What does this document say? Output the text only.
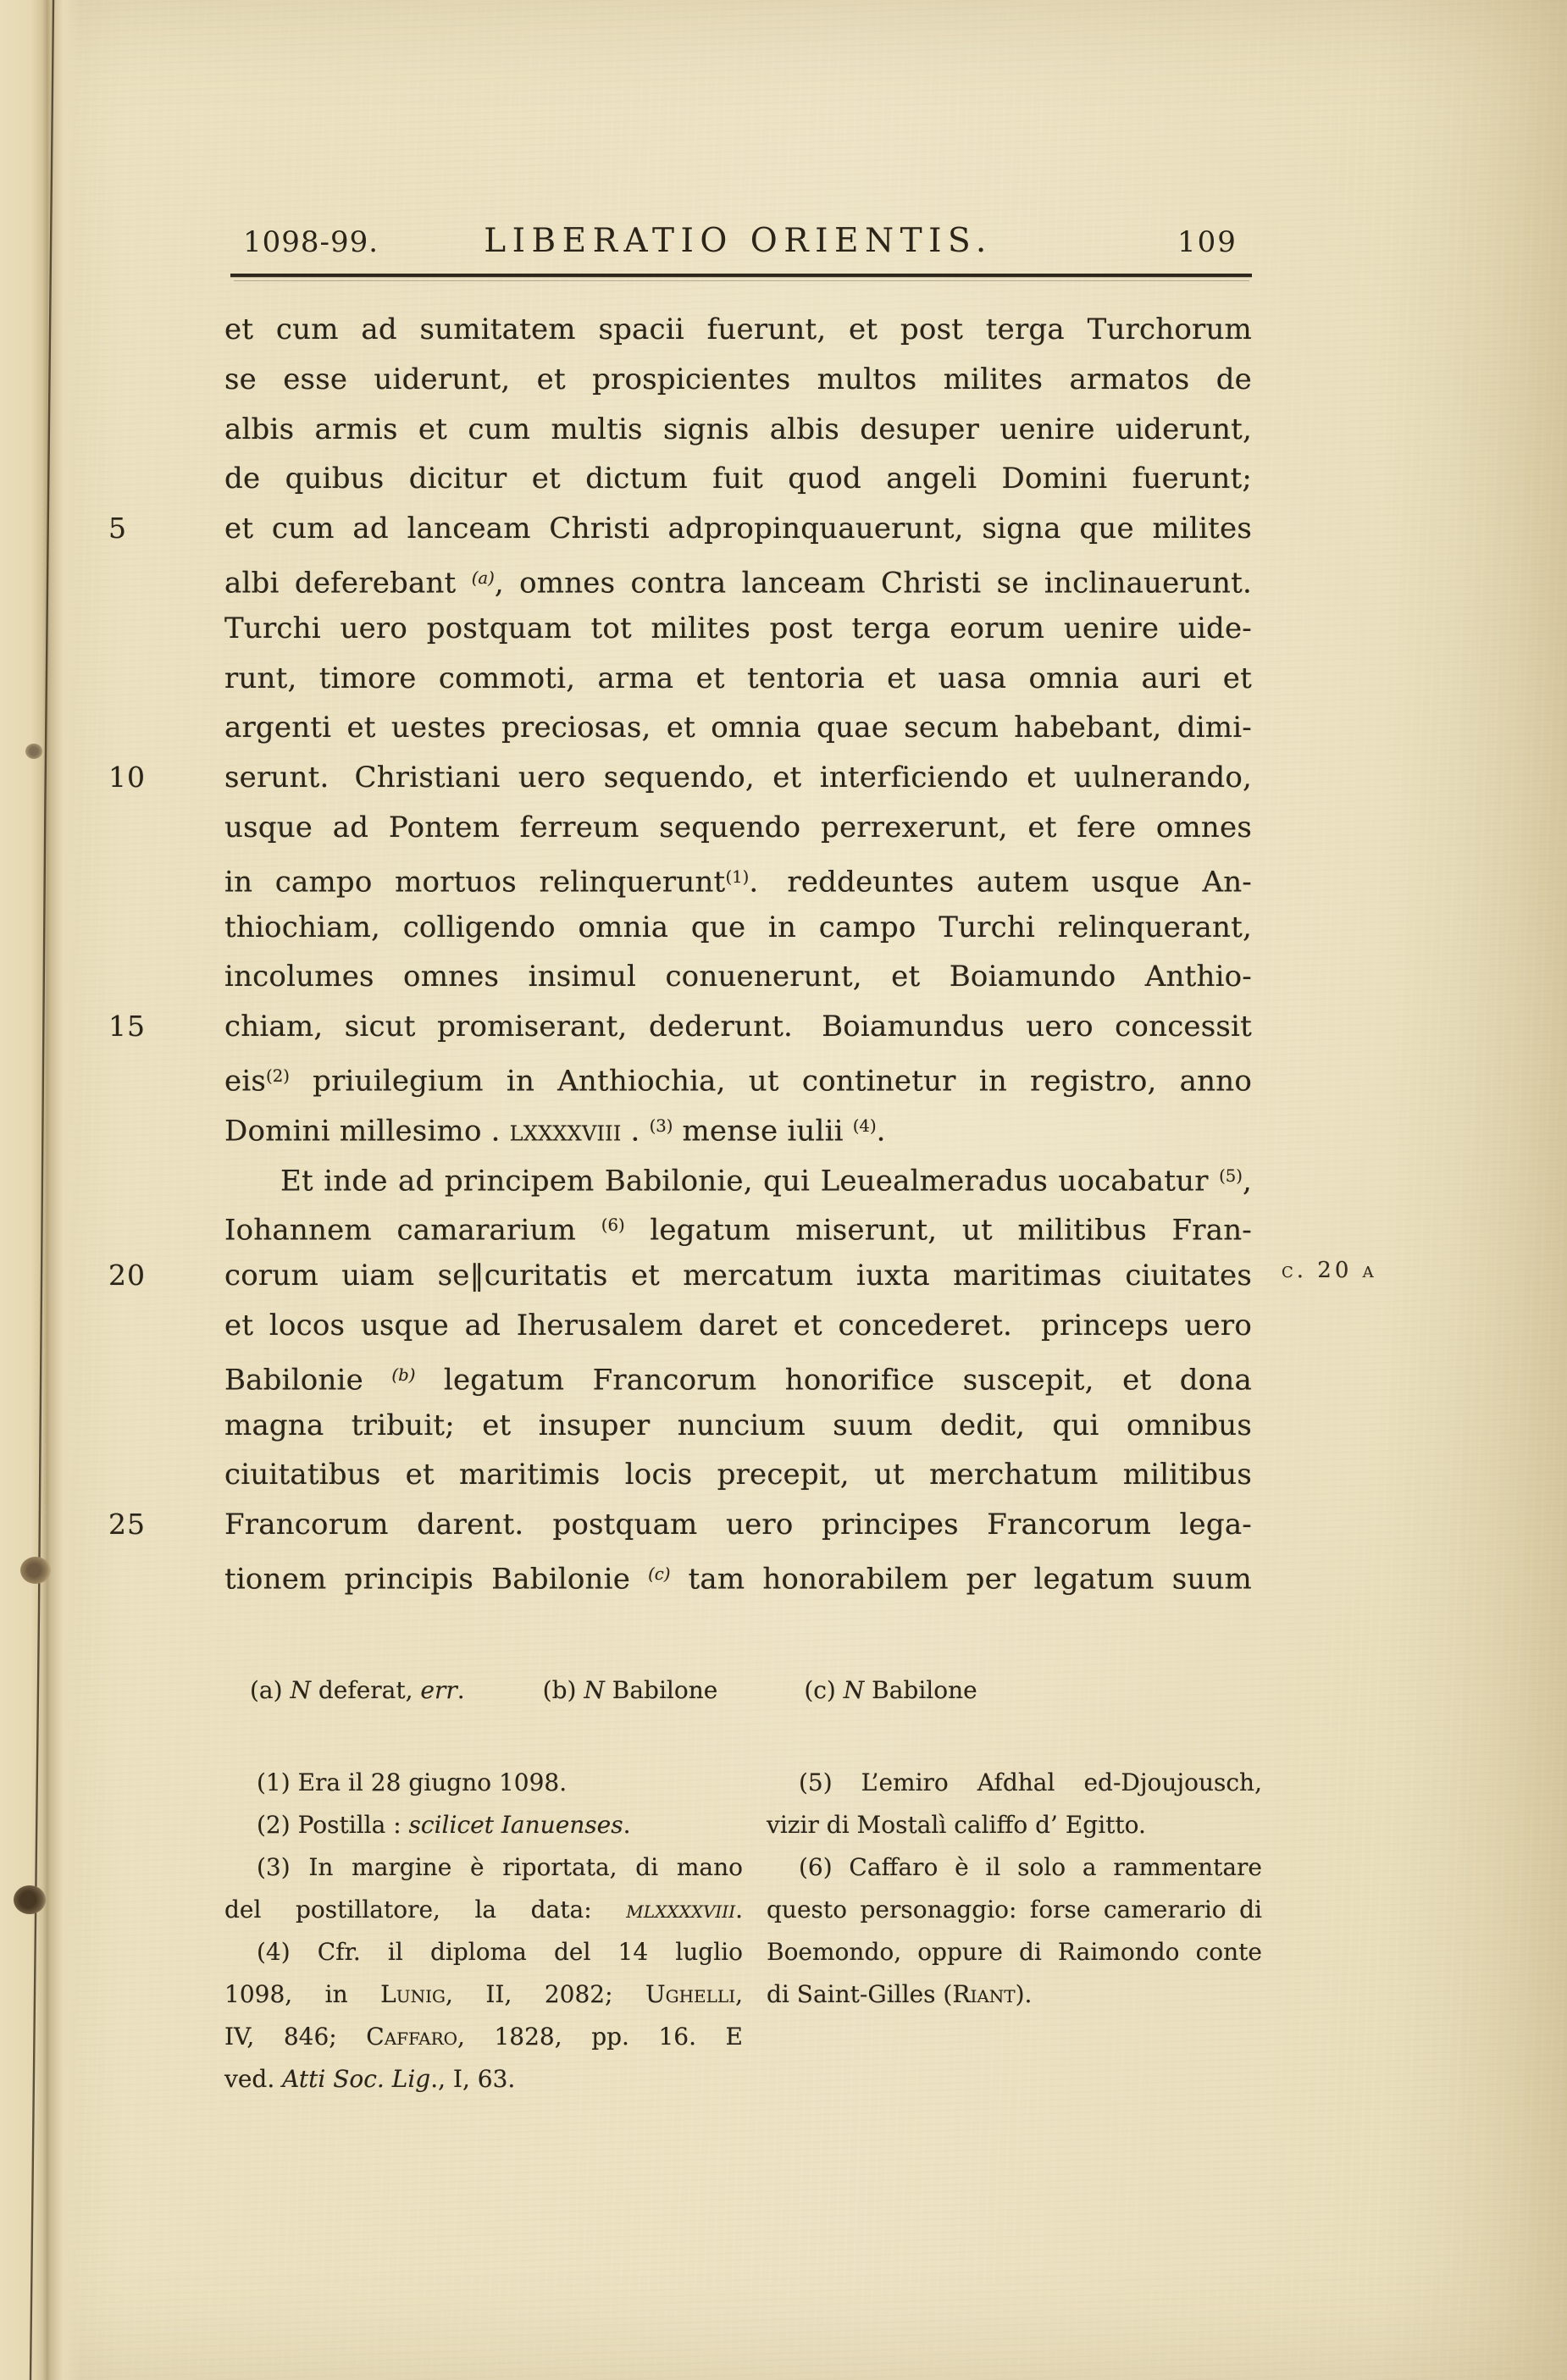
1098-99.	LIBERATIO ORIENTIS.	109
et cum ad sumitatem spacii fuerunt, et post terga Turchorum
se esse uiderunt, et prospicientes multos milites armatos de
albis armis et cum multis signis albis desuper uenire uiderunt,
de quibus dicitur et dictum fuit quod angeli Domini fuerunt;
5	et cum ad lanceam Christi adpropinquauerunt, signa que milites
albi deferebant $^{(a)}$, omnes contra lanceam Christi se inclinauerunt.
Turchi uero postquam tot milites post terga eorum uenire uide-
runt, timore commoti, arma et tentoria et uasa omnia auri et
argenti et uestes preciosas, et omnia quae secum habebant, dimi-
10	serunt. Christiani uero sequendo, et interficiendo et uulnerando,
usque ad Pontem ferreum sequendo perrexerunt, et fere omnes
in campo mortuos relinquerunt$^{(1)}$. reddeuntes autem usque An-
thiochiam, colligendo omnia que in campo Turchi relinquerant,
incolumes omnes insimul conuenerunt, et Boiamundo Anthio-
15	chiam, sicut promiserant, dederunt. Boiamundus uero concessit
eis$^{(2)}$ priuilegium in Anthiochia, ut continetur in registro, anno
Domini millesimo . lxxxxviii . $^{(3)}$ mense iulii $^{(4)}$.
Et inde ad principem Babilonie, qui Leuealmeradus uocabatur $^{(5)}$,
Iohannem camararium $^{(6)}$ legatum miserunt, ut militibus Fran-
20	corum uiam se‖curitatis et mercatum iuxta maritimas ciuitates c. 20 a
et locos usque ad Iherusalem daret et concederet. princeps uero
Babilonie $^{(b)}$ legatum Francorum honorifice suscepit, et dona
magna tribuit; et insuper nuncium suum dedit, qui omnibus
ciuitatibus et maritimis locis precepit, ut merchatum militibus
25	Francorum darent. postquam uero principes Francorum lega-
tionem principis Babilonie $^{(c)}$ tam honorabilem per legatum suum
(a) N deferat, err.	(b) N Babilone	(c) N Babilone
(1) Era il 28 giugno 1098.
(2) Postilla : scilicet Ianuenses.
(3) In margine è riportata, di mano
del postillatore, la data: mlxxxxviii.
(4) Cfr. il diploma del 14 luglio
1098, in Lunig, II, 2082; Ughelli,
IV, 846; Caffaro, 1828, pp. 16. E
ved. Atti Soc. Lig., I, 63.
(5) L’emiro Afdhal ed-Djoujousch,
vizir di Mostalì califfo d’ Egitto.
(6) Caffaro è il solo a rammentare
questo personaggio: forse camerario di
Boemondo, oppure di Raimondo conte
di Saint-Gilles (Riant).
